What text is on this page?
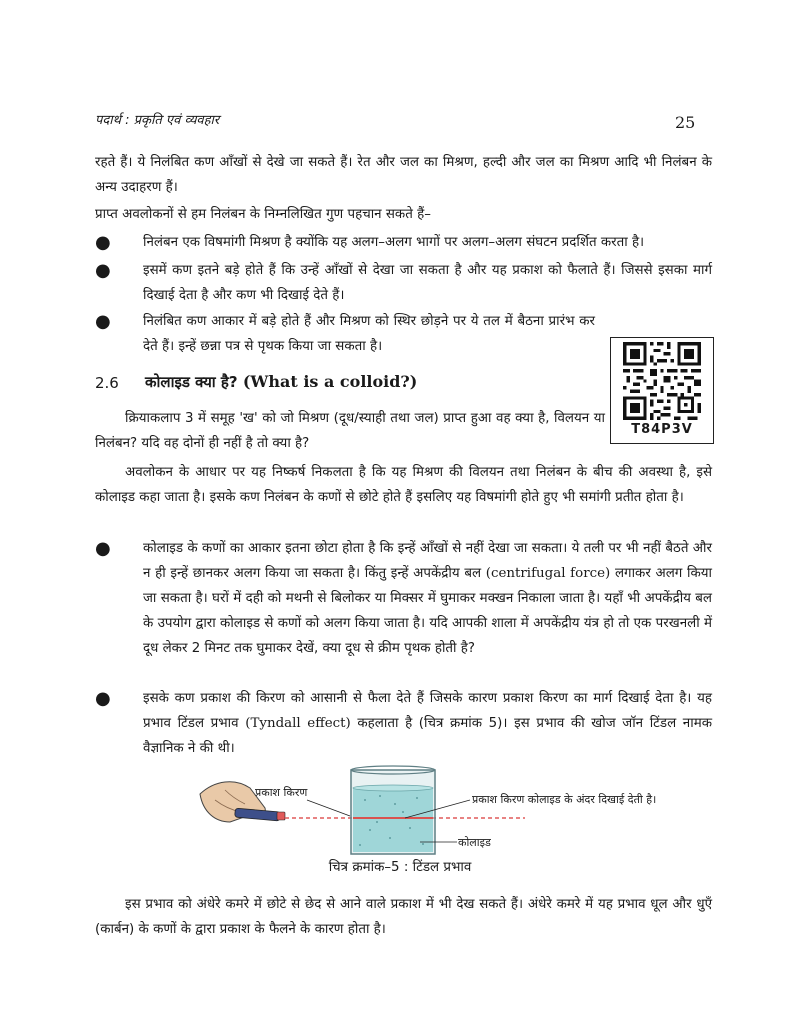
पदार्थ : प्रकृति एवं व्यवहार	25
रहते हैं। ये निलंबित कण आँखों से देखे जा सकते हैं। रेत और जल का मिश्रण, हल्दी और जल का मिश्रण आदि भी निलंबन के अन्य उदाहरण हैं।
प्राप्त अवलोकनों से हम निलंबन के निम्नलिखित गुण पहचान सकते हैं–
● निलंबन एक विषमांगी मिश्रण है क्योंकि यह अलग–अलग भागों पर अलग–अलग संघटन प्रदर्शित करता है।
● इसमें कण इतने बड़े होते हैं कि उन्हें आँखों से देखा जा सकता है और यह प्रकाश को फैलाते हैं। जिससे इसका मार्ग दिखाई देता है और कण भी दिखाई देते हैं।
● निलंबित कण आकार में बड़े होते हैं और मिश्रण को स्थिर छोड़ने पर ये तल में बैठना प्रारंभ कर देते हैं। इन्हें छन्ना पत्र से पृथक किया जा सकता है।
T84P3V
2.6 कोलाइड क्या है? (What is a colloid?)
क्रियाकलाप 3 में समूह 'ख' को जो मिश्रण (दूध/स्याही तथा जल) प्राप्त हुआ वह क्या है, विलयन या निलंबन? यदि वह दोनों ही नहीं है तो क्या है?
अवलोकन के आधार पर यह निष्कर्ष निकलता है कि यह मिश्रण की विलयन तथा निलंबन के बीच की अवस्था है, इसे कोलाइड कहा जाता है। इसके कण निलंबन के कणों से छोटे होते हैं इसलिए यह विषमांगी होते हुए भी समांगी प्रतीत होता है।
● कोलाइड के कणों का आकार इतना छोटा होता है कि इन्हें आँखों से नहीं देखा जा सकता। ये तली पर भी नहीं बैठते और न ही इन्हें छानकर अलग किया जा सकता है। किंतु इन्हें अपकेंद्रीय बल (centrifugal force) लगाकर अलग किया जा सकता है। घरों में दही को मथनी से बिलोकर या मिक्सर में घुमाकर मक्खन निकाला जाता है। यहाँ भी अपकेंद्रीय बल के उपयोग द्वारा कोलाइड से कणों को अलग किया जाता है। यदि आपकी शाला में अपकेंद्रीय यंत्र हो तो एक परखनली में दूध लेकर 2 मिनट तक घुमाकर देखें, क्या दूध से क्रीम पृथक होती है?
● इसके कण प्रकाश की किरण को आसानी से फैला देते हैं जिसके कारण प्रकाश किरण का मार्ग दिखाई देता है। यह प्रभाव टिंडल प्रभाव (Tyndall effect) कहलाता है (चित्र क्रमांक 5)। इस प्रभाव की खोज जॉन टिंडल नामक वैज्ञानिक ने की थी।
प्रकाश किरण
प्रकाश किरण कोलाइड के अंदर दिखाई देती है।
कोलाइड
चित्र क्रमांक–5 : टिंडल प्रभाव
इस प्रभाव को अंधेरे कमरे में छोटे से छेद से आने वाले प्रकाश में भी देख सकते हैं। अंधेरे कमरे में यह प्रभाव धूल और धुएँ (कार्बन) के कणों के द्वारा प्रकाश के फैलने के कारण होता है।
